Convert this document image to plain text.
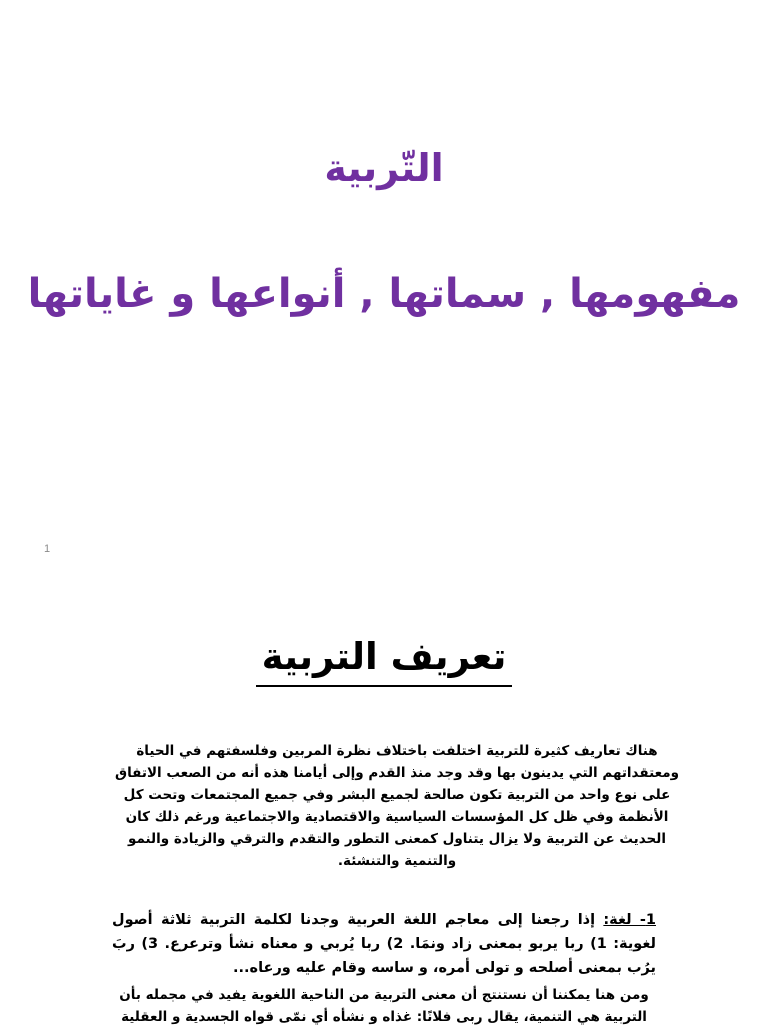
التّربية
مفهومها , سماتها , أنواعها و غاياتها
1
تعريف التربية

هناك تعاريف كثيرة للتربية اختلفت باختلاف نظرة المربين وفلسفتهم في الحياة ومعتقداتهم التي يدينون بها وقد وجد منذ القدم وإلى أيامنا هذه أنه من الصعب الاتفاق على نوع واحد من التربية تكون صالحة لجميع البشر وفي جميع المجتمعات وتحت كل الأنظمة وفي ظل كل المؤسسات السياسية والاقتصادية والاجتماعية ورغم ذلك كان الحديث عن التربية ولا يزال يتناول كمعنى التطور والتقدم والترقي والزيادة والنمو والتنمية والتنشئة.

1- لغة: إذا رجعنا إلى معاجم اللغة العربية وجدنا لكلمة التربية ثلاثة أصول لغوية: 1) ربا يربو بمعنى زاد ونمَا. 2) ربا يُربي و معناه نشأ وترعرع. 3) ربَ يرُب بمعنى أصلحه و تولى أمره، و ساسه وقام عليه ورعاه...

ومن هنا يمكننا أن نستنتج أن معنى التربية من الناحية اللغوية يفيد في مجمله بأن التربية هي التنمية، يقال ربى فلانًا: غذاه و نشأه أي نمّى قواه الجسدية و العقلية
